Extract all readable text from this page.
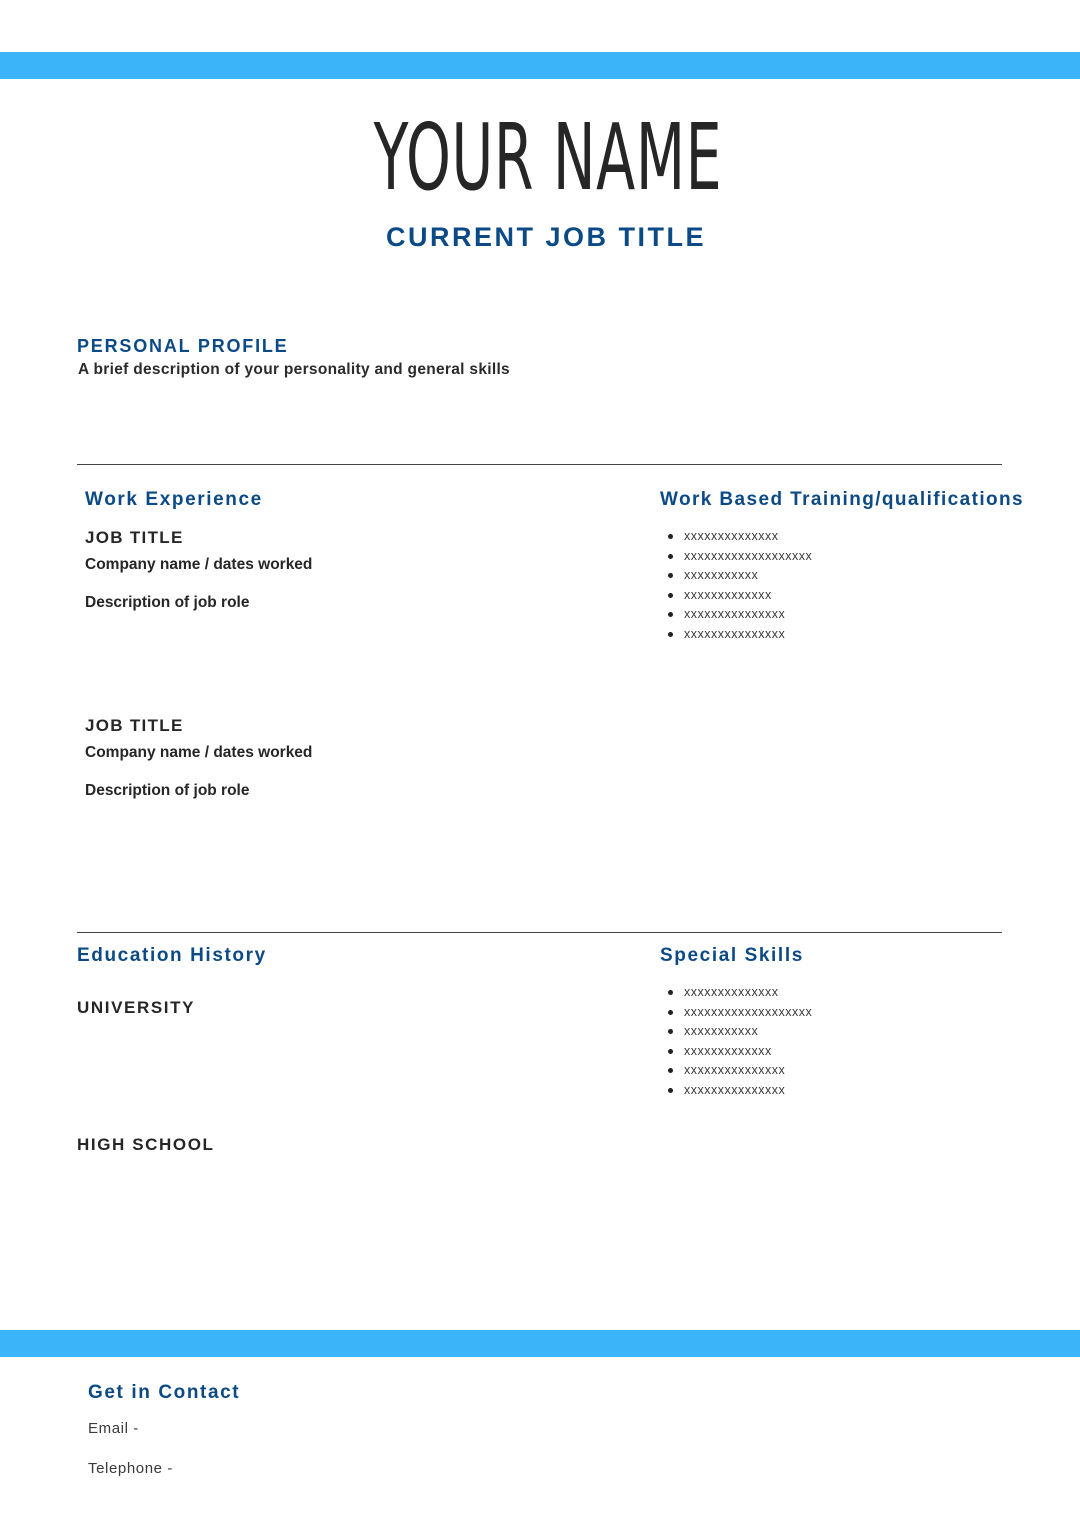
YOUR NAME
CURRENT JOB TITLE
PERSONAL PROFILE
A brief description of your personality and general skills
Work Experience
JOB TITLE
Company name / dates worked
Description of job role
JOB TITLE
Company name / dates worked
Description of job role
Work Based Training/qualifications
xxxxxxxxxxxxxx
xxxxxxxxxxxxxxxxxxx
xxxxxxxxxxx
xxxxxxxxxxxxx
xxxxxxxxxxxxxxx
xxxxxxxxxxxxxxx
Education History
UNIVERSITY
HIGH SCHOOL
Special Skills
xxxxxxxxxxxxxx
xxxxxxxxxxxxxxxxxxx
xxxxxxxxxxx
xxxxxxxxxxxxx
xxxxxxxxxxxxxxx
xxxxxxxxxxxxxxx
Get in Contact
Email -
Telephone -
